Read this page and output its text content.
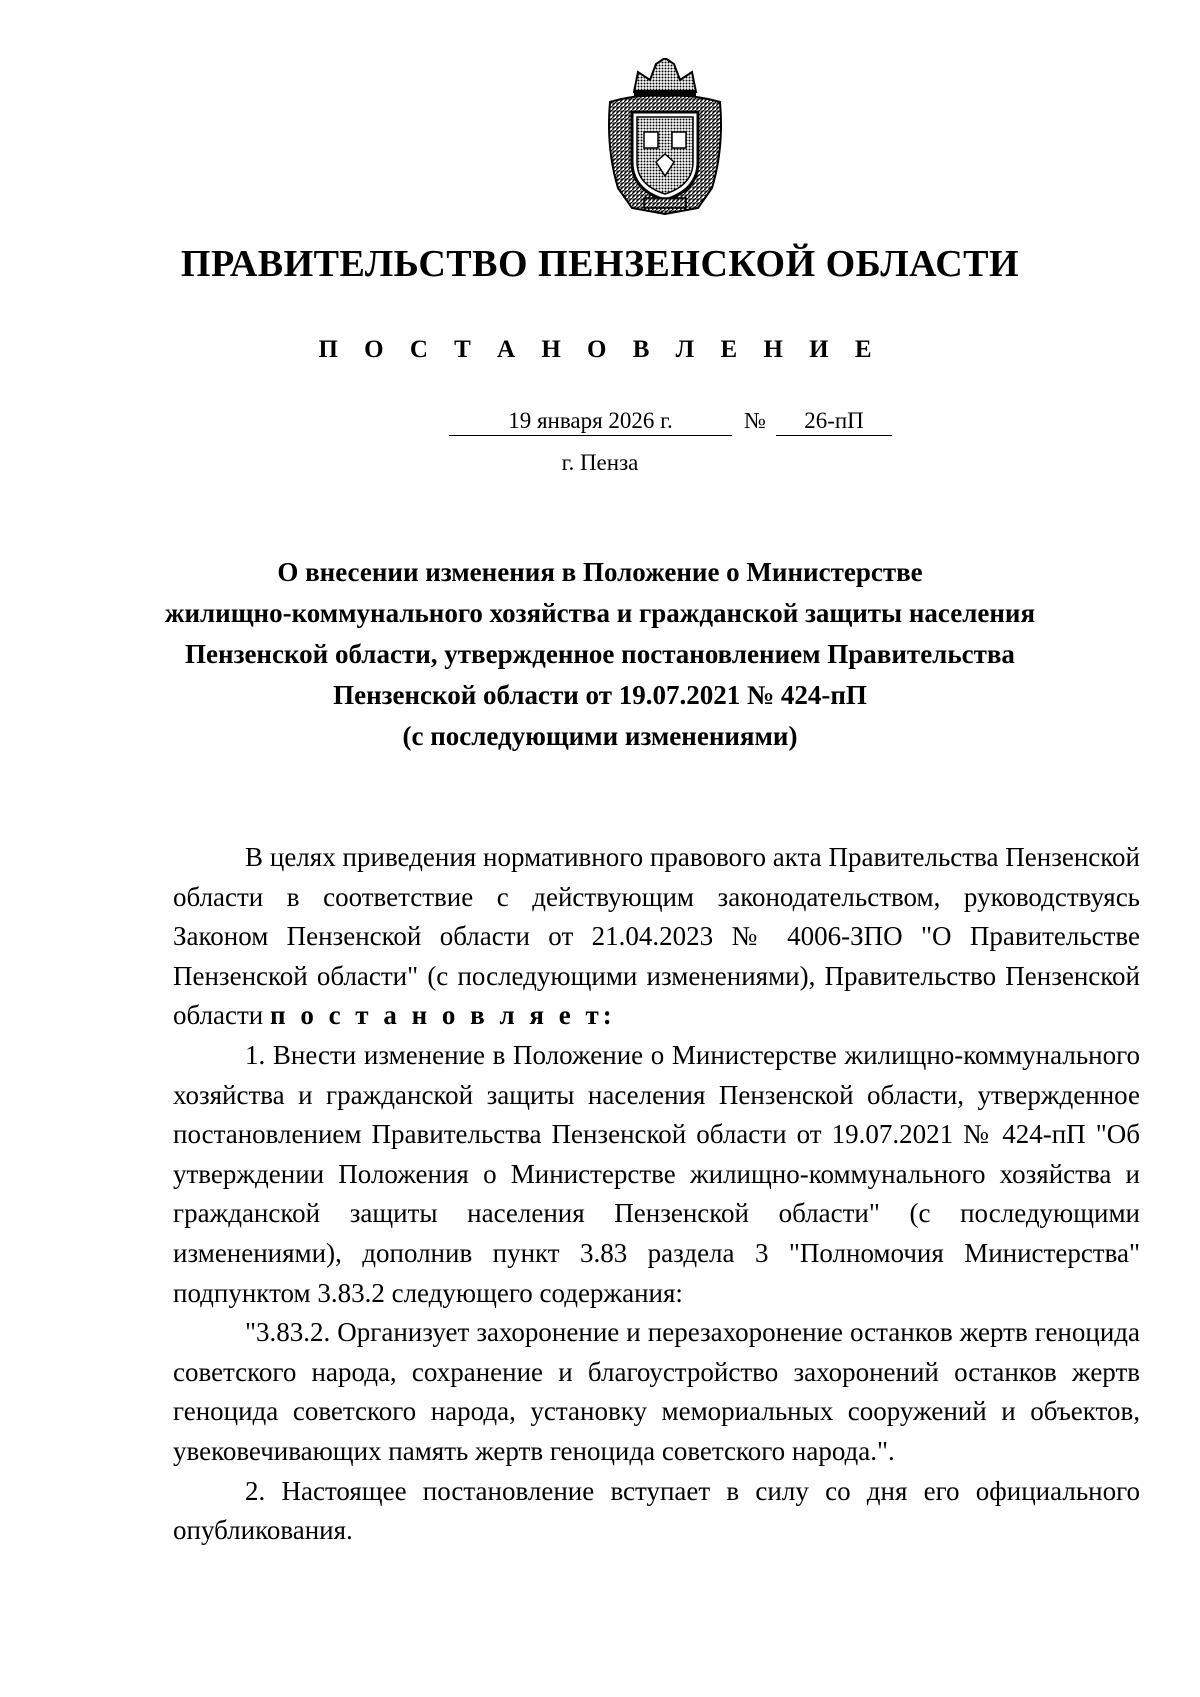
ПРАВИТЕЛЬСТВО ПЕНЗЕНСКОЙ ОБЛАСТИ
П О С Т А Н О В Л Е Н И Е
19 января 2026 г.	№	26-пП
г. Пенза
О внесении изменения в Положение о Министерстве
жилищно-коммунального хозяйства и гражданской защиты населения
Пензенской области, утвержденное постановлением Правительства
Пензенской области от 19.07.2021 № 424-пП
(с последующими изменениями)

В целях приведения нормативного правового акта Правительства Пензенской области в соответствие с действующим законодательством, руководствуясь Законом Пензенской области от 21.04.2023 № 4006-ЗПО "О Правительстве Пензенской области" (с последующими изменениями), Правительство Пензенской области п о с т а н о в л я е т:

1. Внести изменение в Положение о Министерстве жилищно-коммунального хозяйства и гражданской защиты населения Пензенской области, утвержденное постановлением Правительства Пензенской области от 19.07.2021 № 424-пП "Об утверждении Положения о Министерстве жилищно-коммунального хозяйства и гражданской защиты населения Пензенской области" (с последующими изменениями), дополнив пункт 3.83 раздела 3 "Полномочия Министерства" подпунктом 3.83.2 следующего содержания:

"3.83.2. Организует захоронение и перезахоронение останков жертв геноцида советского народа, сохранение и благоустройство захоронений останков жертв геноцида советского народа, установку мемориальных сооружений и объектов, увековечивающих память жертв геноцида советского народа.".

2. Настоящее постановление вступает в силу со дня его официального опубликования.
